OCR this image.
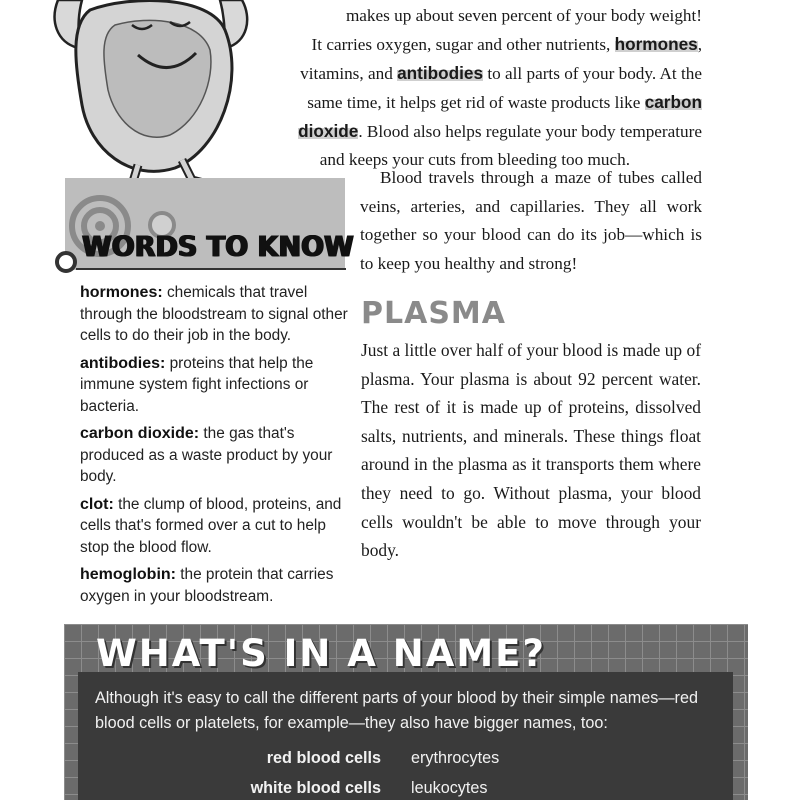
makes up about seven percent of your body weight!
It carries oxygen, sugar and other nutrients, hormones,
vitamins, and antibodies to all parts of your body. At the
same time, it helps get rid of waste products like carbon
dioxide. Blood also helps regulate your body temperature
and keeps your cuts from bleeding too much.
Blood travels through a maze of tubes called veins, arteries, and capillaries. They all work together so your blood can do its job—which is to keep you healthy and strong!
WORDS TO KNOW
hormones: chemicals that travel through the bloodstream to signal other cells to do their job in the body.
antibodies: proteins that help the immune system fight infections or bacteria.
carbon dioxide: the gas that's produced as a waste product by your body.
clot: the clump of blood, proteins, and cells that's formed over a cut to help stop the blood flow.
hemoglobin: the protein that carries oxygen in your bloodstream.
PLASMA
Just a little over half of your blood is made up of plasma. Your plasma is about 92 percent water. The rest of it is made up of proteins, dissolved salts, nutrients, and minerals. These things float around in the plasma as it transports them where they need to go. Without plasma, your blood cells wouldn't be able to move through your body.
WHAT'S IN A NAME?
Although it's easy to call the different parts of your blood by their simple names—red blood cells or platelets, for example—they also have bigger names, too:
red blood cells erythrocytes
white blood cells leukocytes
